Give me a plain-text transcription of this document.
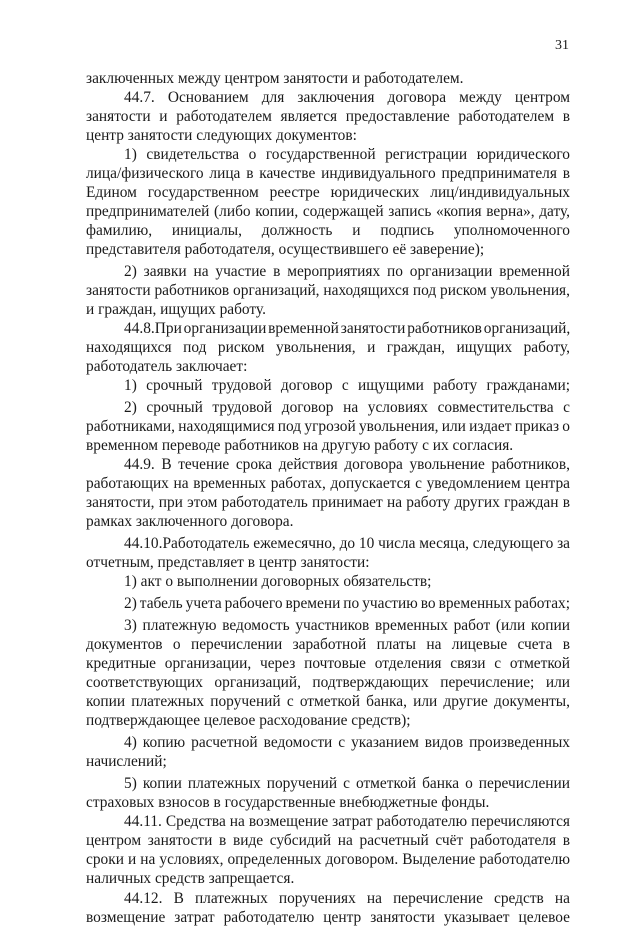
31
заключенных между центром занятости и работодателем.
44.7. Основанием для заключения договора между центром
занятости и работодателем является предоставление работодателем в
центр занятости следующих документов:
1) свидетельства о государственной регистрации юридического
лица/физического лица в качестве индивидуального предпринимателя в
Едином государственном реестре юридических лиц/индивидуальных
предпринимателей (либо копии, содержащей запись «копия верна», дату,
фамилию, инициалы, должность и подпись уполномоченного
представителя работодателя, осуществившего её заверение);
2) заявки на участие в мероприятиях по организации временной
занятости работников организаций, находящихся под риском увольнения,
и граждан, ищущих работу.
44.8.При организации временной занятости работников организаций,
находящихся под риском увольнения, и граждан, ищущих работу,
работодатель заключает:
1) срочный трудовой договор с ищущими работу гражданами;
2) срочный трудовой договор на условиях совместительства с
работниками, находящимися под угрозой увольнения, или издает приказ о
временном переводе работников на другую работу с их согласия.
44.9. В течение срока действия договора увольнение работников,
работающих на временных работах, допускается с уведомлением центра
занятости, при этом работодатель принимает на работу других граждан в
рамках заключенного договора.
44.10.Работодатель ежемесячно, до 10 числа месяца, следующего за
отчетным, представляет в центр занятости:
1) акт о выполнении договорных обязательств;
2) табель учета рабочего времени по участию во временных работах;
3) платежную ведомость участников временных работ (или копии
документов о перечислении заработной платы на лицевые счета в
кредитные организации, через почтовые отделения связи с отметкой
соответствующих организаций, подтверждающих перечисление; или
копии платежных поручений с отметкой банка, или другие документы,
подтверждающее целевое расходование средств);
4) копию расчетной ведомости с указанием видов произведенных
начислений;
5) копии платежных поручений с отметкой банка о перечислении
страховых взносов в государственные внебюджетные фонды.
44.11. Средства на возмещение затрат работодателю перечисляются
центром занятости в виде субсидий на расчетный счёт работодателя в
сроки и на условиях, определенных договором. Выделение работодателю
наличных средств запрещается.
44.12. В платежных поручениях на перечисление средств на
возмещение затрат работодателю центр занятости указывает целевое
